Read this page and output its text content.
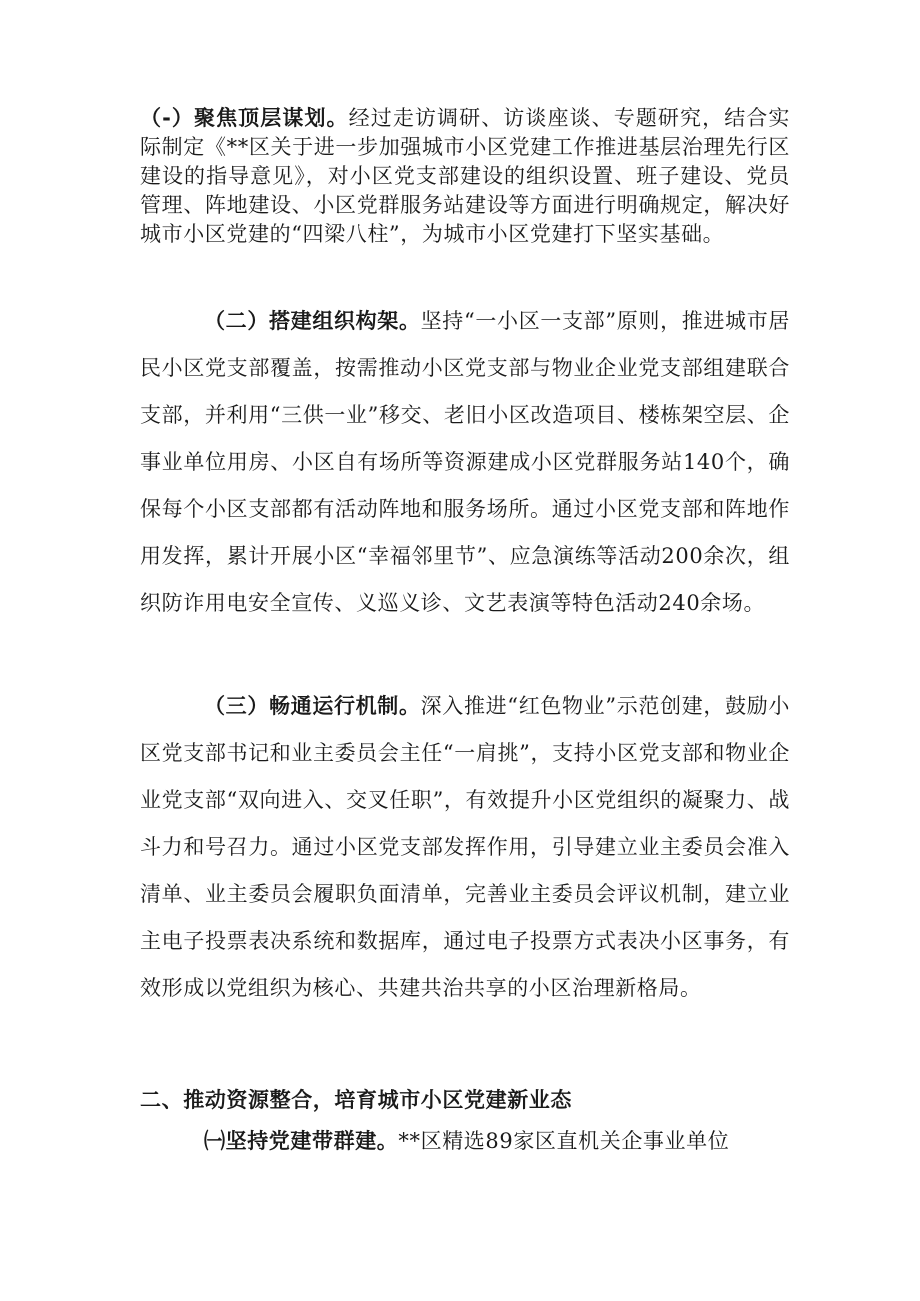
（-）聚焦顶层谋划。经过走访调研、访谈座谈、专题研究，结合实际制定《**区关于进一步加强城市小区党建工作推进基层治理先行区建设的指导意见》，对小区党支部建设的组织设置、班子建设、党员管理、阵地建设、小区党群服务站建设等方面进行明确规定，解决好城市小区党建的“四梁八柱”，为城市小区党建打下坚实基础。

（二）搭建组织构架。坚持“一小区一支部”原则，推进城市居民小区党支部覆盖，按需推动小区党支部与物业企业党支部组建联合支部，并利用“三供一业”移交、老旧小区改造项目、楼栋架空层、企事业单位用房、小区自有场所等资源建成小区党群服务站140个，确保每个小区支部都有活动阵地和服务场所。通过小区党支部和阵地作用发挥，累计开展小区“幸福邻里节”、应急演练等活动200余次，组织防诈用电安全宣传、义巡义诊、文艺表演等特色活动240余场。

（三）畅通运行机制。深入推进“红色物业”示范创建，鼓励小区党支部书记和业主委员会主任“一肩挑”，支持小区党支部和物业企业党支部“双向进入、交叉任职”，有效提升小区党组织的凝聚力、战斗力和号召力。通过小区党支部发挥作用，引导建立业主委员会准入清单、业主委员会履职负面清单，完善业主委员会评议机制，建立业主电子投票表决系统和数据库，通过电子投票方式表决小区事务，有效形成以党组织为核心、共建共治共享的小区治理新格局。

二、推动资源整合，培育城市小区党建新业态

㈠坚持党建带群建。**区精选89家区直机关企事业单位
